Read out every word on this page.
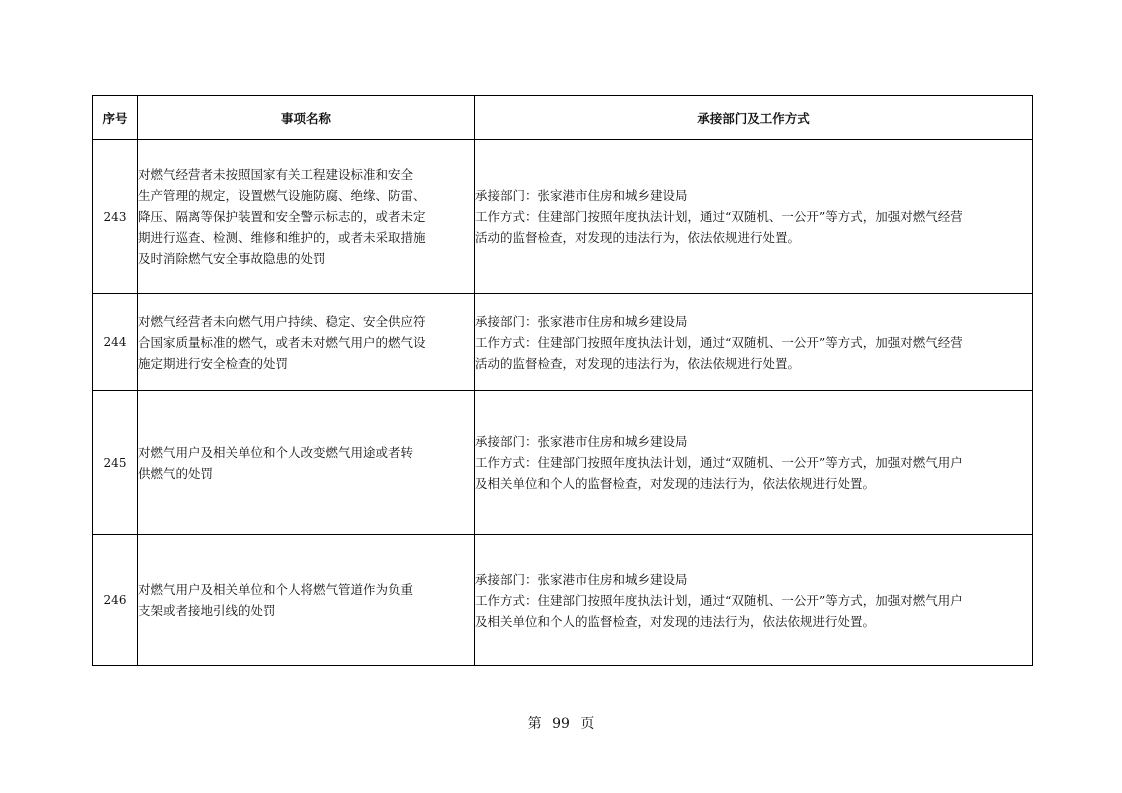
序号	事项名称	承接部门及工作方式
243	对燃气经营者未按照国家有关工程建设标准和安全
生产管理的规定，设置燃气设施防腐、绝缘、防雷、
降压、隔离等保护装置和安全警示标志的，或者未定
期进行巡查、检测、维修和维护的，或者未采取措施
及时消除燃气安全事故隐患的处罚	承接部门：张家港市住房和城乡建设局
工作方式：住建部门按照年度执法计划，通过“双随机、一公开”等方式，加强对燃气经营
活动的监督检查，对发现的违法行为，依法依规进行处置。

244	对燃气经营者未向燃气用户持续、稳定、安全供应符
合国家质量标准的燃气，或者未对燃气用户的燃气设
施定期进行安全检查的处罚	承接部门：张家港市住房和城乡建设局
工作方式：住建部门按照年度执法计划，通过“双随机、一公开”等方式，加强对燃气经营
活动的监督检查，对发现的违法行为，依法依规进行处置。

245	对燃气用户及相关单位和个人改变燃气用途或者转
供燃气的处罚	承接部门：张家港市住房和城乡建设局
工作方式：住建部门按照年度执法计划，通过“双随机、一公开”等方式，加强对燃气用户
及相关单位和个人的监督检查，对发现的违法行为，依法依规进行处置。

246	对燃气用户及相关单位和个人将燃气管道作为负重
支架或者接地引线的处罚	承接部门：张家港市住房和城乡建设局
工作方式：住建部门按照年度执法计划，通过“双随机、一公开”等方式，加强对燃气用户
及相关单位和个人的监督检查，对发现的违法行为，依法依规进行处置。
第 99 页
